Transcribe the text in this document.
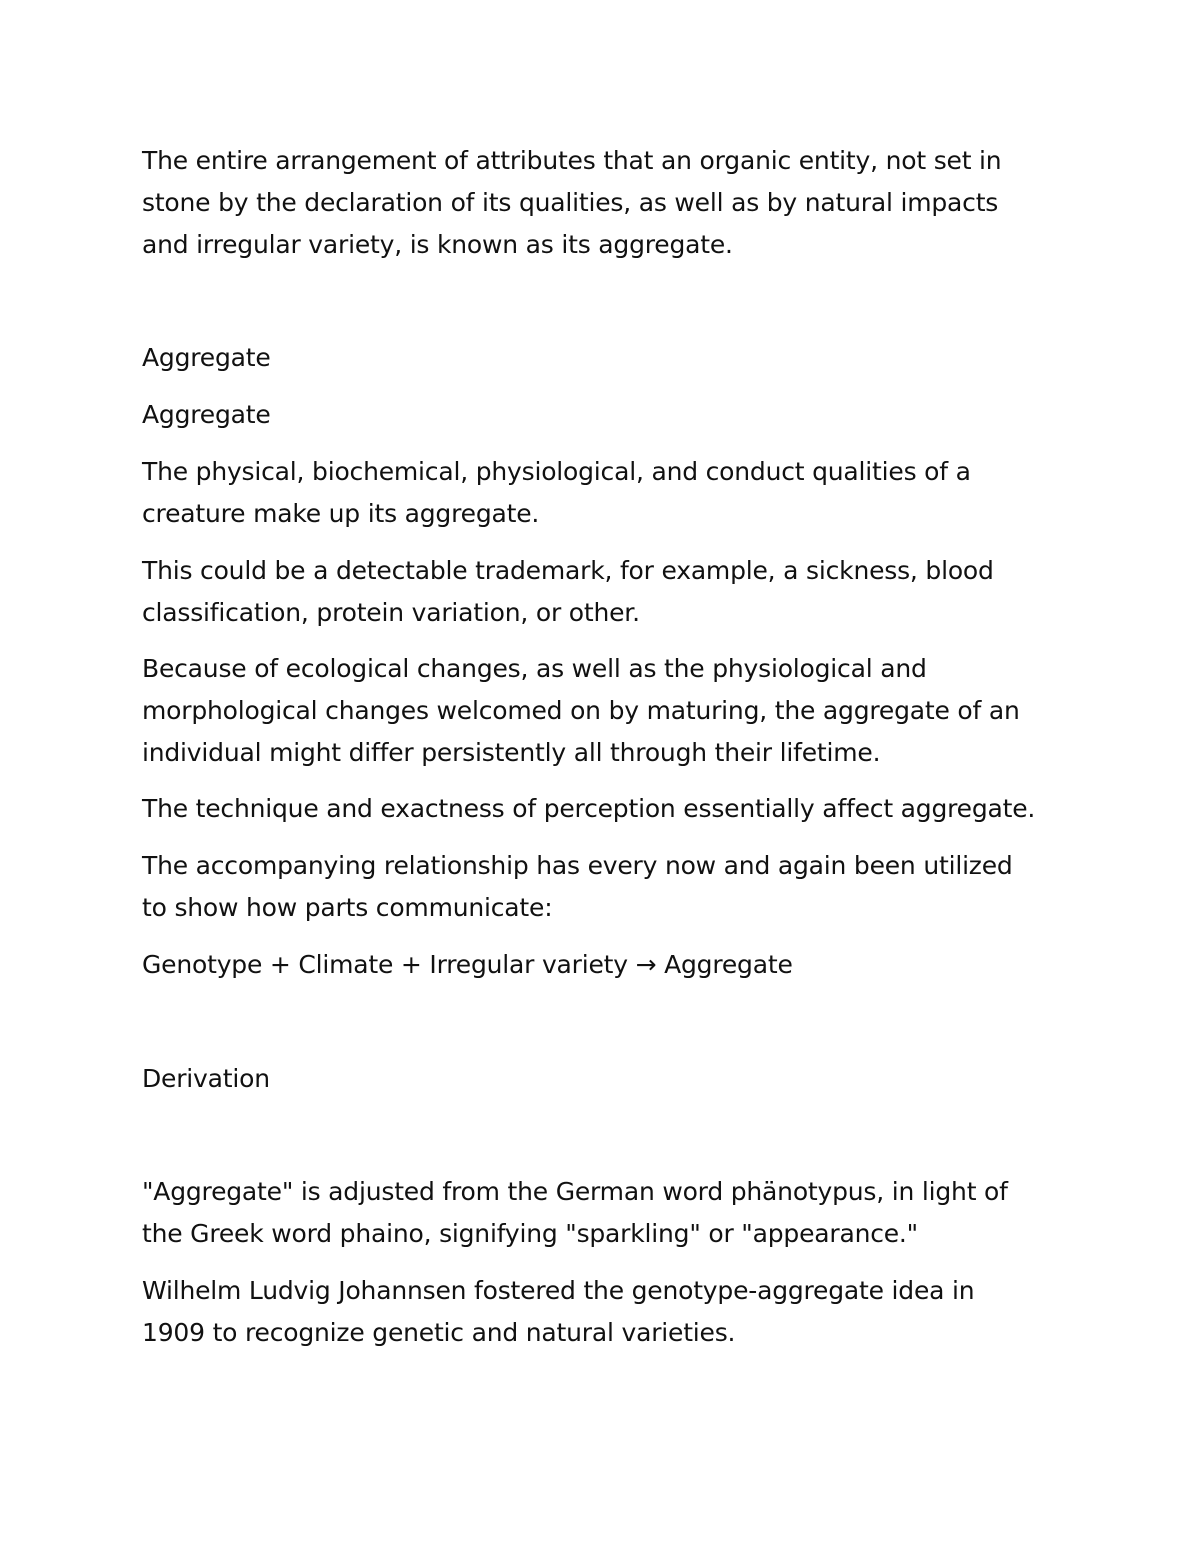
The entire arrangement of attributes that an organic entity, not set in
stone by the declaration of its qualities, as well as by natural impacts
and irregular variety, is known as its aggregate.
Aggregate
Aggregate
The physical, biochemical, physiological, and conduct qualities of a
creature make up its aggregate.
This could be a detectable trademark, for example, a sickness, blood
classification, protein variation, or other.
Because of ecological changes, as well as the physiological and
morphological changes welcomed on by maturing, the aggregate of an
individual might differ persistently all through their lifetime.
The technique and exactness of perception essentially affect aggregate.
The accompanying relationship has every now and again been utilized
to show how parts communicate:
Genotype + Climate + Irregular variety → Aggregate
Derivation
"Aggregate" is adjusted from the German word phänotypus, in light of
the Greek word phaino, signifying "sparkling" or "appearance."
Wilhelm Ludvig Johannsen fostered the genotype-aggregate idea in
1909 to recognize genetic and natural varieties.
